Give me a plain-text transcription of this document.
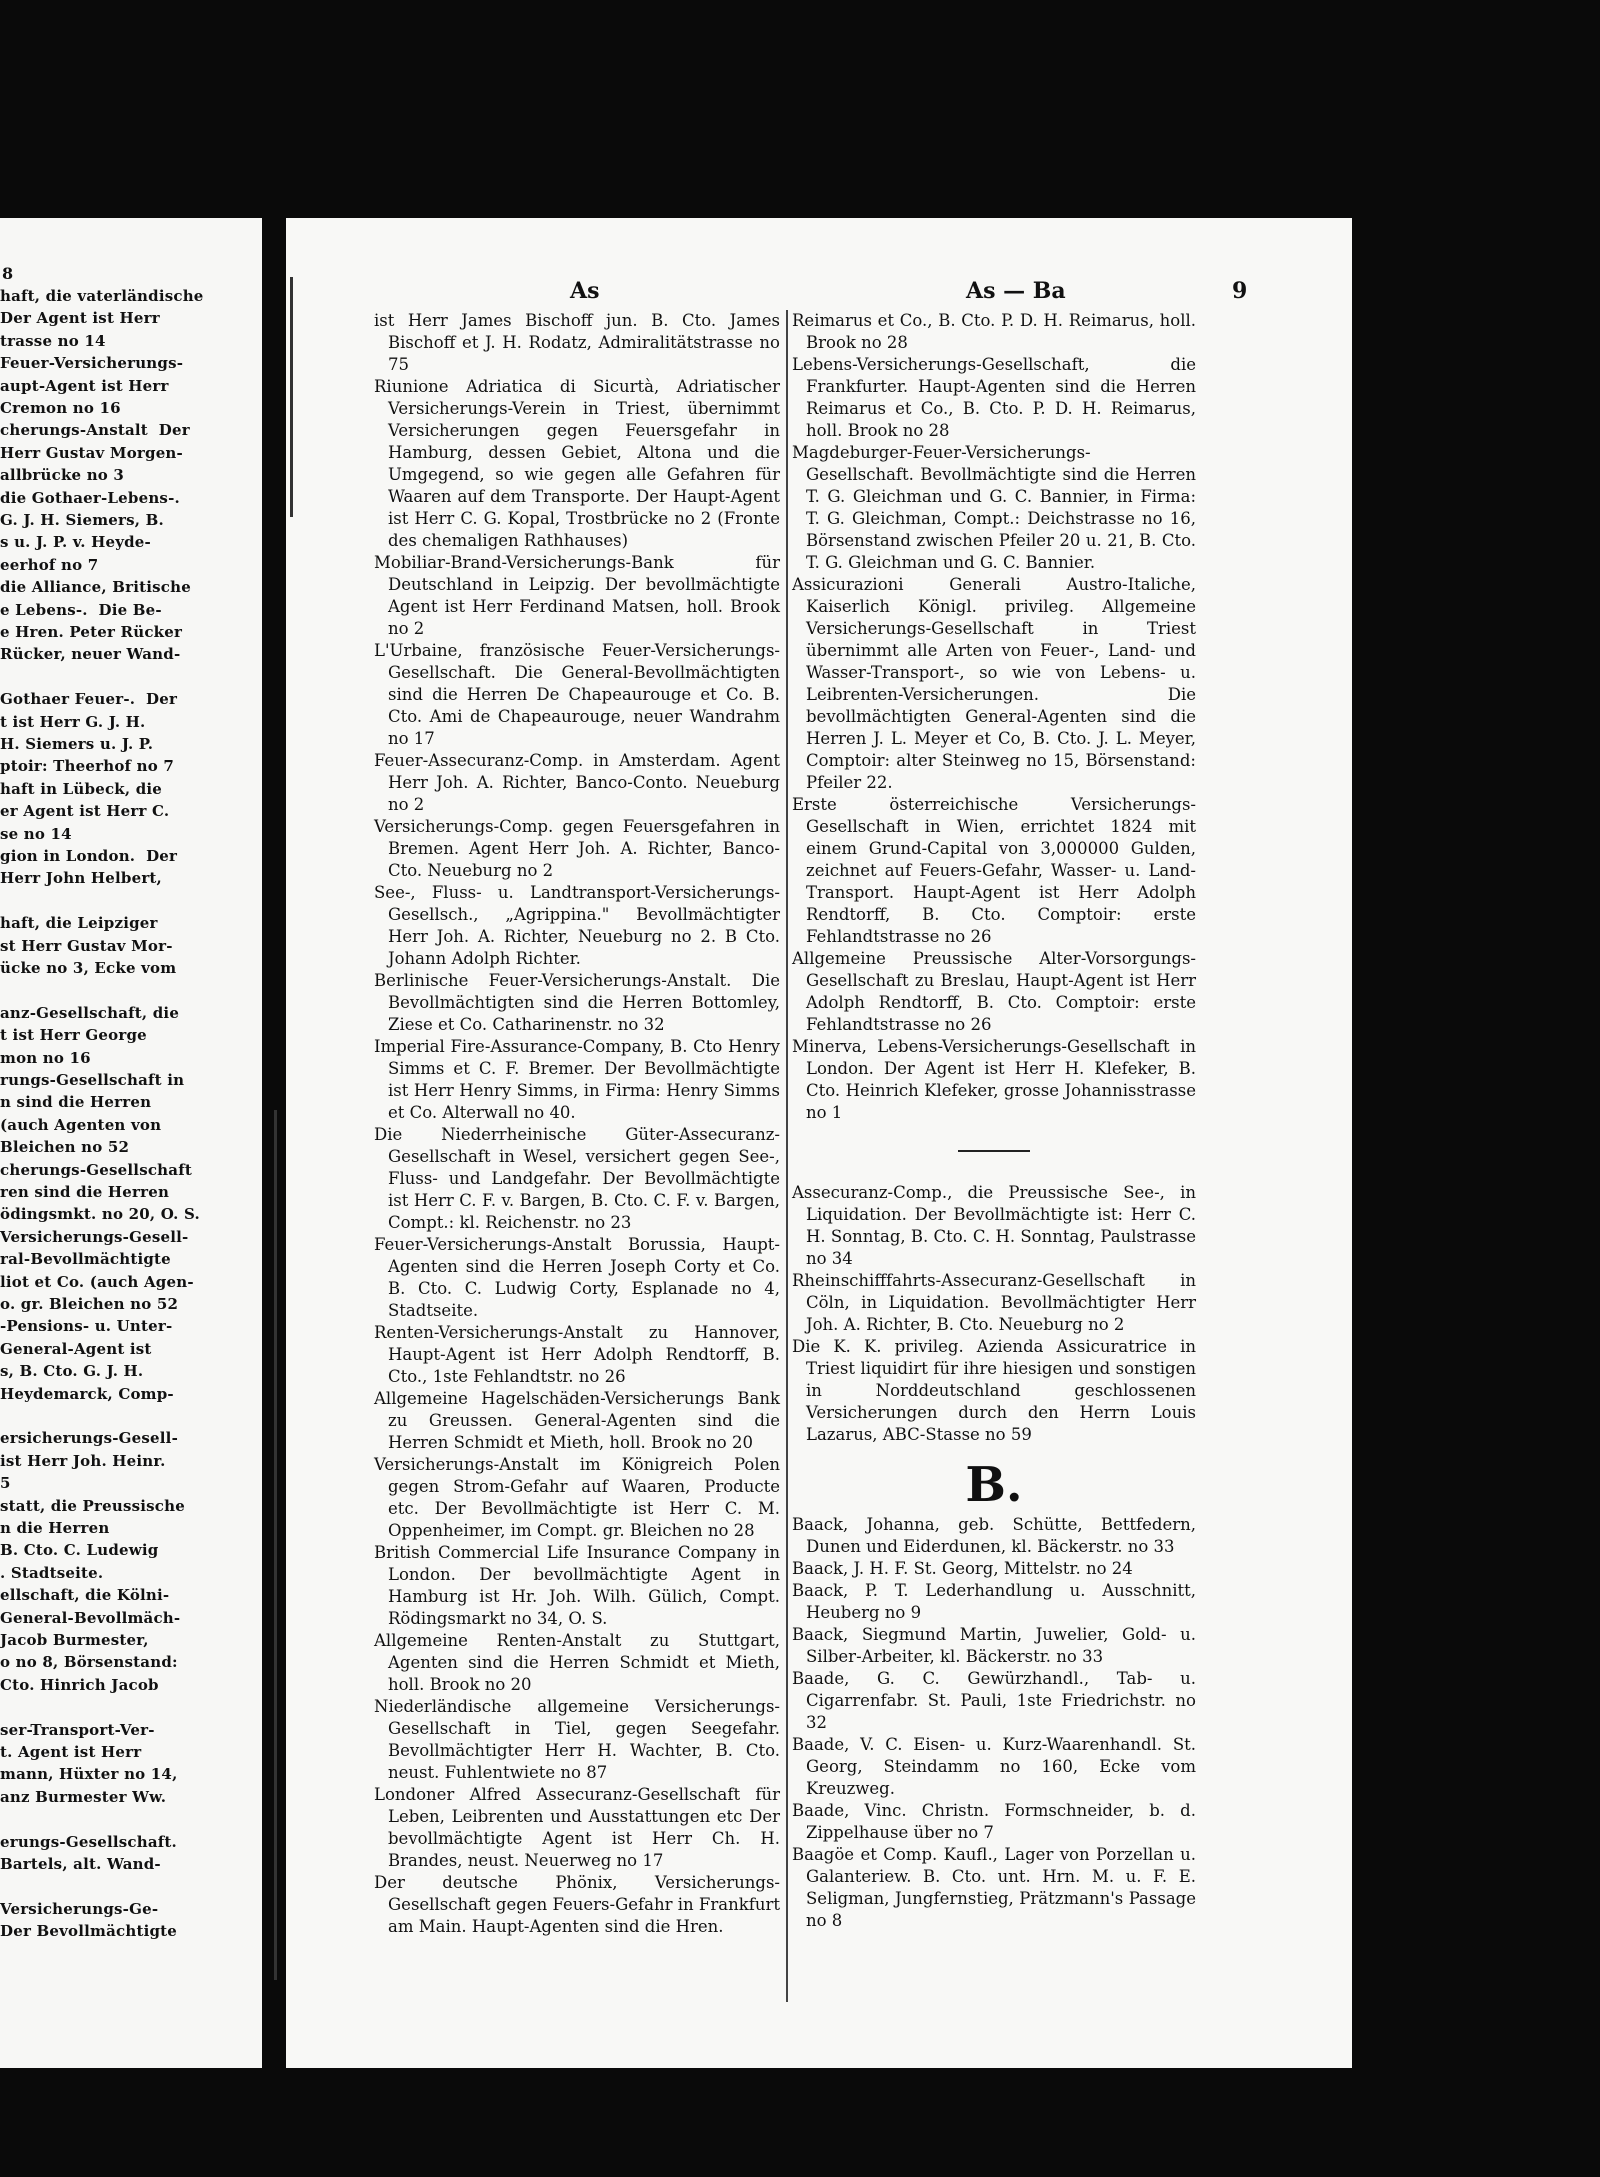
8
haft, die vaterländische
Der Agent ist Herr
trasse no 14
Feuer-Versicherungs-
aupt-Agent ist Herr
Cremon no 16
cherungs-Anstalt  Der
Herr Gustav Morgen-
allbrücke no 3
die Gothaer-Lebens-.
G. J. H. Siemers, B.
s u. J. P. v. Heyde-
eerhof no 7
die Alliance, Britische
e Lebens-.  Die Be-
e Hren. Peter Rücker
Rücker, neuer Wand-
Gothaer Feuer-.  Der
t ist Herr G. J. H.
H. Siemers u. J. P.
ptoir: Theerhof no 7
haft in Lübeck, die
er Agent ist Herr C.
se no 14
gion in London.  Der
Herr John Helbert,
haft, die Leipziger
st Herr Gustav Mor-
ücke no 3, Ecke vom
anz-Gesellschaft, die
t ist Herr George
mon no 16
rungs-Gesellschaft in
n sind die Herren
(auch Agenten von
Bleichen no 52
cherungs-Gesellschaft
ren sind die Herren
ödingsmkt. no 20, O. S.
Versicherungs-Gesell-
ral-Bevollmächtigte
liot et Co. (auch Agen-
o. gr. Bleichen no 52
-Pensions- u. Unter-
General-Agent ist
s, B. Cto. G. J. H.
Heydemarck, Comp-
ersicherungs-Gesell-
ist Herr Joh. Heinr.
5
statt, die Preussische
n die Herren
B. Cto. C. Ludewig
. Stadtseite.
ellschaft, die Kölni-
General-Bevollmäch-
Jacob Burmester,
o no 8, Börsenstand:
Cto. Hinrich Jacob
ser-Transport-Ver-
t. Agent ist Herr
mann, Hüxter no 14,
anz Burmester Ww.
erungs-Gesellschaft.
Bartels, alt. Wand-
Versicherungs-Ge-
Der Bevollmächtigte
As	As — Ba	9

ist Herr James Bischoff jun. B. Cto. James Bischoff et J. H. Rodatz, Admiralitätstrasse no 75

Riunione Adriatica di Sicurtà, Adriatischer Versicherungs-Verein in Triest, übernimmt Versicherungen gegen Feuersgefahr in Hamburg, dessen Gebiet, Altona und die Umgegend, so wie gegen alle Gefahren für Waaren auf dem Transporte. Der Haupt-Agent ist Herr C. G. Kopal, Trostbrücke no 2 (Fronte des chemaligen Rathhauses)

Mobiliar-Brand-Versicherungs-Bank für Deutschland in Leipzig. Der bevollmächtigte Agent ist Herr Ferdinand Matsen, holl. Brook no 2

L'Urbaine, französische Feuer-Versicherungs-Gesellschaft. Die General-Bevollmächtigten sind die Herren De Chapeaurouge et Co. B. Cto. Ami de Chapeaurouge, neuer Wandrahm no 17

Feuer-Assecuranz-Comp. in Amsterdam. Agent Herr Joh. A. Richter, Banco-Conto. Neueburg no 2

Versicherungs-Comp. gegen Feuersgefahren in Bremen. Agent Herr Joh. A. Richter, Banco-Cto. Neueburg no 2

See-, Fluss- u. Landtransport-Versicherungs-Gesellsch., „Agrippina." Bevollmächtigter Herr Joh. A. Richter, Neueburg no 2. B Cto. Johann Adolph Richter.

Berlinische Feuer-Versicherungs-Anstalt. Die Bevollmächtigten sind die Herren Bottomley, Ziese et Co. Catharinenstr. no 32

Imperial Fire-Assurance-Company, B. Cto Henry Simms et C. F. Bremer. Der Bevollmächtigte ist Herr Henry Simms, in Firma: Henry Simms et Co. Alterwall no 40.

Die Niederrheinische Güter-Assecuranz-Gesellschaft in Wesel, versichert gegen See-, Fluss- und Landgefahr. Der Bevollmächtigte ist Herr C. F. v. Bargen, B. Cto. C. F. v. Bargen, Compt.: kl. Reichenstr. no 23

Feuer-Versicherungs-Anstalt Borussia, Haupt-Agenten sind die Herren Joseph Corty et Co. B. Cto. C. Ludwig Corty, Esplanade no 4, Stadtseite.

Renten-Versicherungs-Anstalt zu Hannover, Haupt-Agent ist Herr Adolph Rendtorff, B. Cto., 1ste Fehlandtstr. no 26

Allgemeine Hagelschäden-Versicherungs Bank zu Greussen. General-Agenten sind die Herren Schmidt et Mieth, holl. Brook no 20

Versicherungs-Anstalt im Königreich Polen gegen Strom-Gefahr auf Waaren, Producte etc. Der Bevollmächtigte ist Herr C. M. Oppenheimer, im Compt. gr. Bleichen no 28

British Commercial Life Insurance Company in London. Der bevollmächtigte Agent in Hamburg ist Hr. Joh. Wilh. Gülich, Compt. Rödingsmarkt no 34, O. S.

Allgemeine Renten-Anstalt zu Stuttgart, Agenten sind die Herren Schmidt et Mieth, holl. Brook no 20

Niederländische allgemeine Versicherungs-Gesellschaft in Tiel, gegen Seegefahr. Bevollmächtigter Herr H. Wachter, B. Cto. neust. Fuhlentwiete no 87

Londoner Alfred Assecuranz-Gesellschaft für Leben, Leibrenten und Ausstattungen etc Der bevollmächtigte Agent ist Herr Ch. H. Brandes, neust. Neuerweg no 17

Der deutsche Phönix, Versicherungs-Gesellschaft gegen Feuers-Gefahr in Frankfurt am Main. Haupt-Agenten sind die Hren.

Reimarus et Co., B. Cto. P. D. H. Reimarus, holl. Brook no 28

Lebens-Versicherungs-Gesellschaft, die Frankfurter. Haupt-Agenten sind die Herren Reimarus et Co., B. Cto. P. D. H. Reimarus, holl. Brook no 28

Magdeburger-Feuer-Versicherungs-Gesellschaft. Bevollmächtigte sind die Herren T. G. Gleichman und G. C. Bannier, in Firma: T. G. Gleichman, Compt.: Deichstrasse no 16, Börsenstand zwischen Pfeiler 20 u. 21, B. Cto. T. G. Gleichman und G. C. Bannier.

Assicurazioni Generali Austro-Italiche, Kaiserlich Königl. privileg. Allgemeine Versicherungs-Gesellschaft in Triest übernimmt alle Arten von Feuer-, Land- und Wasser-Transport-, so wie von Lebens- u. Leibrenten-Versicherungen. Die bevollmächtigten General-Agenten sind die Herren J. L. Meyer et Co, B. Cto. J. L. Meyer, Comptoir: alter Steinweg no 15, Börsenstand: Pfeiler 22.

Erste österreichische Versicherungs-Gesellschaft in Wien, errichtet 1824 mit einem Grund-Capital von 3,000000 Gulden, zeichnet auf Feuers-Gefahr, Wasser- u. Land-Transport. Haupt-Agent ist Herr Adolph Rendtorff, B. Cto. Comptoir: erste Fehlandtstrasse no 26

Allgemeine Preussische Alter-Vorsorgungs-Gesellschaft zu Breslau, Haupt-Agent ist Herr Adolph Rendtorff, B. Cto. Comptoir: erste Fehlandtstrasse no 26

Minerva, Lebens-Versicherungs-Gesellschaft in London. Der Agent ist Herr H. Klefeker, B. Cto. Heinrich Klefeker, grosse Johannisstrasse no 1

Assecuranz-Comp., die Preussische See-, in Liquidation. Der Bevollmächtigte ist: Herr C. H. Sonntag, B. Cto. C. H. Sonntag, Paulstrasse no 34

Rheinschifffahrts-Assecuranz-Gesellschaft in Cöln, in Liquidation. Bevollmächtigter Herr Joh. A. Richter, B. Cto. Neueburg no 2

Die K. K. privileg. Azienda Assicuratrice in Triest liquidirt für ihre hiesigen und sonstigen in Norddeutschland geschlossenen Versicherungen durch den Herrn Louis Lazarus, ABC-Stasse no 59

B.

Baack, Johanna, geb. Schütte, Bettfedern, Dunen und Eiderdunen, kl. Bäckerstr. no 33

Baack, J. H. F. St. Georg, Mittelstr. no 24

Baack, P. T. Lederhandlung u. Ausschnitt, Heuberg no 9

Baack, Siegmund Martin, Juwelier, Gold- u. Silber-Arbeiter, kl. Bäckerstr. no 33

Baade, G. C. Gewürzhandl., Tab- u. Cigarrenfabr. St. Pauli, 1ste Friedrichstr. no 32

Baade, V. C. Eisen- u. Kurz-Waarenhandl. St. Georg, Steindamm no 160, Ecke vom Kreuzweg.

Baade, Vinc. Christn. Formschneider, b. d. Zippelhause über no 7

Baagöe et Comp. Kaufl., Lager von Porzellan u. Galanteriew. B. Cto. unt. Hrn. M. u. F. E. Seligman, Jungfernstieg, Prätzmann's Passage no 8
